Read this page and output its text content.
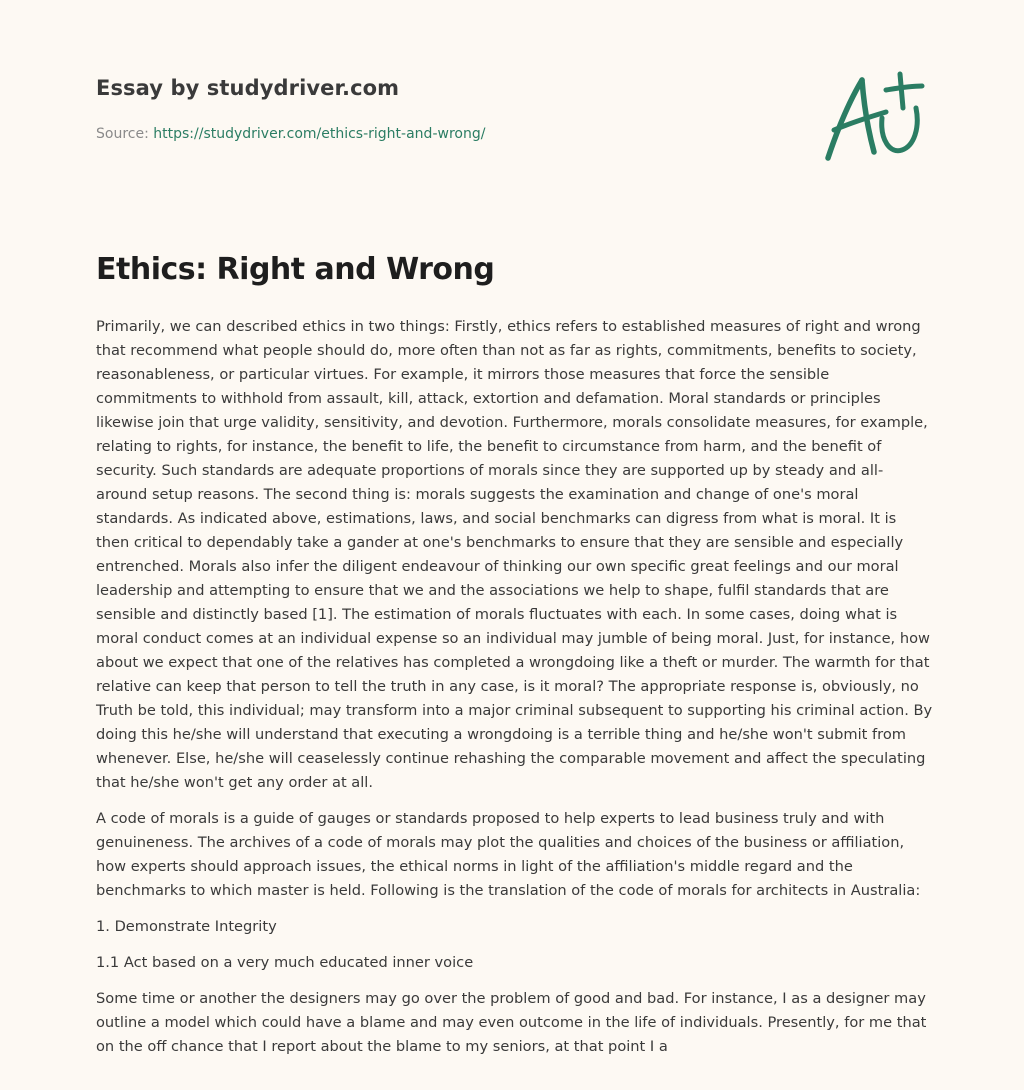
Essay by studydriver.com
Source: https://studydriver.com/ethics-right-and-wrong/
Ethics: Right and Wrong

Primarily, we can described ethics in two things: Firstly, ethics refers to established measures of right and wrong that recommend what people should do, more often than not as far as rights, commitments, benefits to society, reasonableness, or particular virtues. For example, it mirrors those measures that force the sensible commitments to withhold from assault, kill, attack, extortion and defamation. Moral standards or principles likewise join that urge validity, sensitivity, and devotion. Furthermore, morals consolidate measures, for example, relating to rights, for instance, the benefit to life, the benefit to circumstance from harm, and the benefit of security. Such standards are adequate proportions of morals since they are supported up by steady and all-around setup reasons. The second thing is: morals suggests the examination and change of one's moral standards. As indicated above, estimations, laws, and social benchmarks can digress from what is moral. It is then critical to dependably take a gander at one's benchmarks to ensure that they are sensible and especially entrenched. Morals also infer the diligent endeavour of thinking our own specific great feelings and our moral leadership and attempting to ensure that we and the associations we help to shape, fulfil standards that are sensible and distinctly based [1]. The estimation of morals fluctuates with each. In some cases, doing what is moral conduct comes at an individual expense so an individual may jumble of being moral. Just, for instance, how about we expect that one of the relatives has completed a wrongdoing like a theft or murder. The warmth for that relative can keep that person to tell the truth in any case, is it moral? The appropriate response is, obviously, no Truth be told, this individual; may transform into a major criminal subsequent to supporting his criminal action. By doing this he/she will understand that executing a wrongdoing is a terrible thing and he/she won't submit from whenever. Else, he/she will ceaselessly continue rehashing the comparable movement and affect the speculating that he/she won't get any order at all.

A code of morals is a guide of gauges or standards proposed to help experts to lead business truly and with genuineness. The archives of a code of morals may plot the qualities and choices of the business or affiliation, how experts should approach issues, the ethical norms in light of the affiliation's middle regard and the benchmarks to which master is held. Following is the translation of the code of morals for architects in Australia:

1. Demonstrate Integrity

1.1 Act based on a very much educated inner voice

Some time or another the designers may go over the problem of good and bad. For instance, I as a designer may outline a model which could have a blame and may even outcome in the life of individuals. Presently, for me that on the off chance that I report about the blame to my seniors, at that point I a
